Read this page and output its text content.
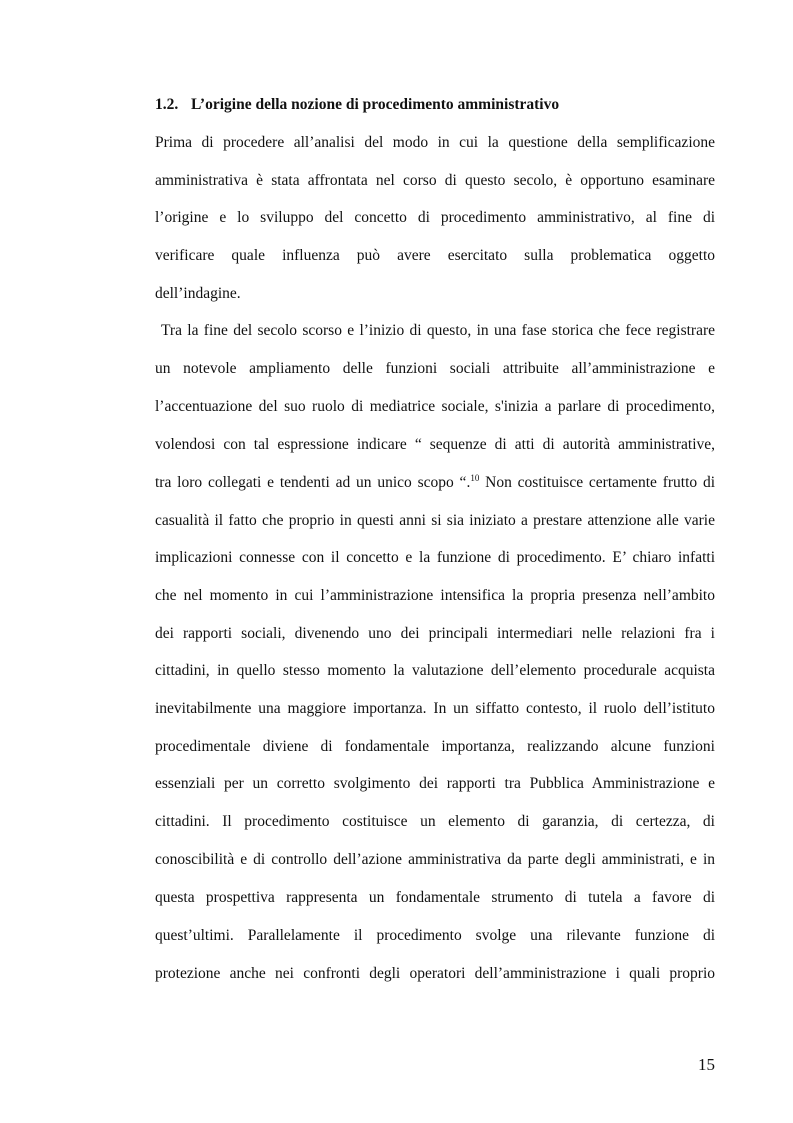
1.2. L’origine della nozione di procedimento amministrativo
Prima di procedere all’analisi del modo in cui la questione della semplificazione
amministrativa è stata affrontata nel corso di questo secolo, è opportuno esaminare
l’origine e lo sviluppo del concetto di procedimento amministrativo, al fine di
verificare quale influenza può avere esercitato sulla problematica oggetto
dell’indagine.
Tra la fine del secolo scorso e l’inizio di questo, in una fase storica che fece registrare
un notevole ampliamento delle funzioni sociali attribuite all’amministrazione e
l’accentuazione del suo ruolo di mediatrice sociale, s'inizia a parlare di procedimento,
volendosi con tal espressione indicare “ sequenze di atti di autorità amministrative,
tra loro collegati e tendenti ad un unico scopo “.$^{10}$ Non costituisce certamente frutto di
casualità il fatto che proprio in questi anni si sia iniziato a prestare attenzione alle varie
implicazioni connesse con il concetto e la funzione di procedimento. E’ chiaro infatti
che nel momento in cui l’amministrazione intensifica la propria presenza nell’ambito
dei rapporti sociali, divenendo uno dei principali intermediari nelle relazioni fra i
cittadini, in quello stesso momento la valutazione dell’elemento procedurale acquista
inevitabilmente una maggiore importanza. In un siffatto contesto, il ruolo dell’istituto
procedimentale diviene di fondamentale importanza, realizzando alcune funzioni
essenziali per un corretto svolgimento dei rapporti tra Pubblica Amministrazione e
cittadini. Il procedimento costituisce un elemento di garanzia, di certezza, di
conoscibilità e di controllo dell’azione amministrativa da parte degli amministrati, e in
questa prospettiva rappresenta un fondamentale strumento di tutela a favore di
quest’ultimi. Parallelamente il procedimento svolge una rilevante funzione di
protezione anche nei confronti degli operatori dell’amministrazione i quali proprio
15
